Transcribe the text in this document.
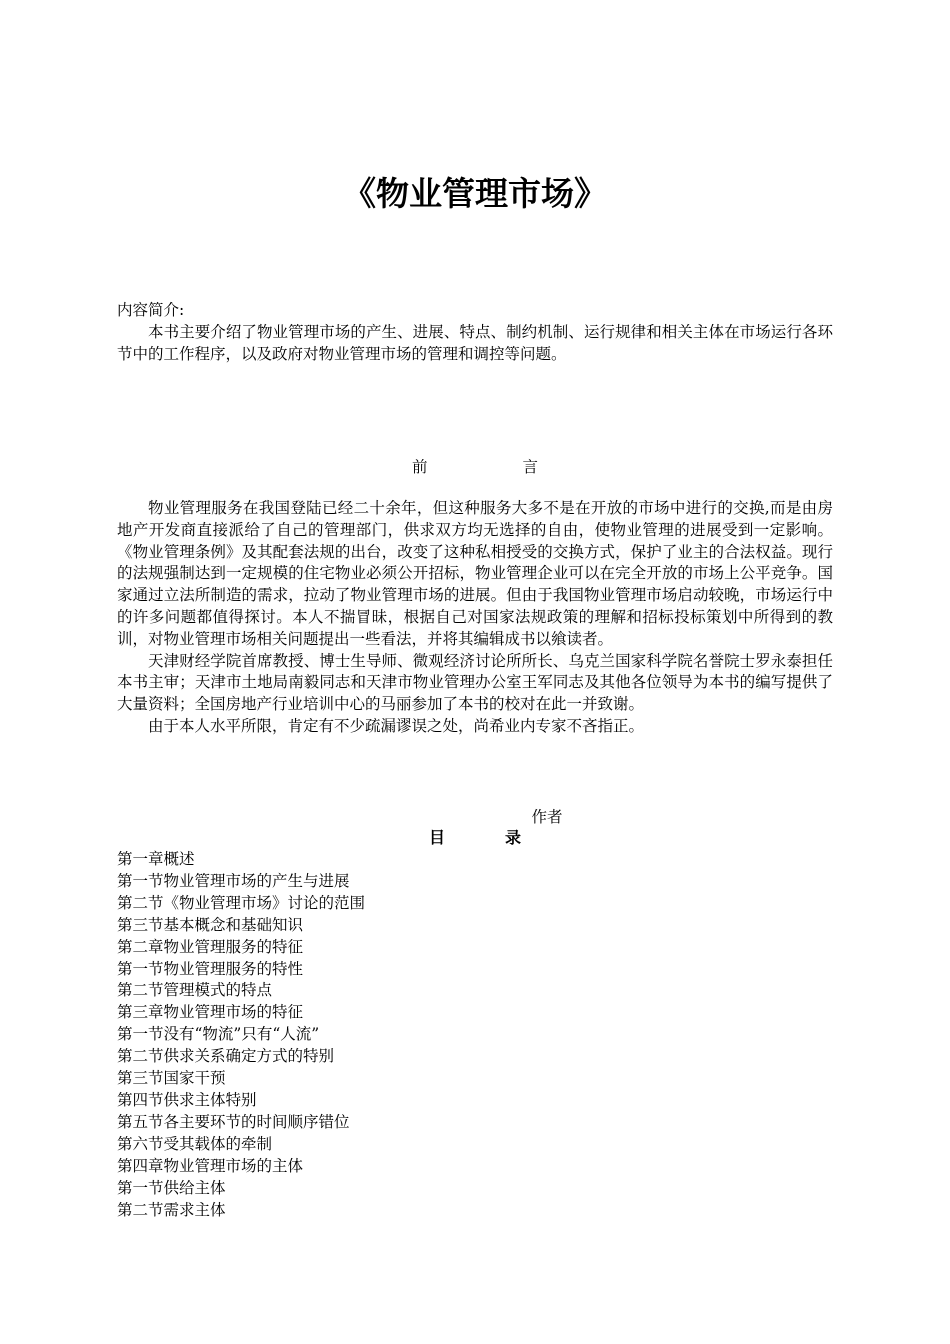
《物业管理市场》

内容简介:

本书主要介绍了物业管理市场的产生、进展、特点、制约机制、运行规律和相关主体在市场运行各环节中的工作程序，以及政府对物业管理市场的管理和调控等问题。

前	言

物业管理服务在我国登陆已经二十余年，但这种服务大多不是在开放的市场中进行的交换,而是由房地产开发商直接派给了自己的管理部门，供求双方均无选择的自由，使物业管理的进展受到一定影响。《物业管理条例》及其配套法规的出台，改变了这种私相授受的交换方式，保护了业主的合法权益。现行的法规强制达到一定规模的住宅物业必须公开招标，物业管理企业可以在完全开放的市场上公平竞争。国家通过立法所制造的需求，拉动了物业管理市场的进展。但由于我国物业管理市场启动较晚，市场运行中的许多问题都值得探讨。本人不揣冒昧，根据自己对国家法规政策的理解和招标投标策划中所得到的教训，对物业管理市场相关问题提出一些看法，并将其编辑成书以飨读者。

天津财经学院首席教授、博士生导师、微观经济讨论所所长、乌克兰国家科学院名誉院士罗永泰担任本书主审；天津市土地局南毅同志和天津市物业管理办公室王军同志及其他各位领导为本书的编写提供了大量资料；全国房地产行业培训中心的马丽参加了本书的校对在此一并致谢。

由于本人水平所限，肯定有不少疏漏谬误之处，尚希业内专家不吝指正。

作者
目	录
第一章概述
第一节物业管理市场的产生与进展
第二节《物业管理市场》讨论的范围
第三节基本概念和基础知识
第二章物业管理服务的特征
第一节物业管理服务的特性
第二节管理模式的特点
第三章物业管理市场的特征
第一节没有“物流”只有“人流”
第二节供求关系确定方式的特别
第三节国家干预
第四节供求主体特别
第五节各主要环节的时间顺序错位
第六节受其载体的牵制
第四章物业管理市场的主体
第一节供给主体
第二节需求主体
